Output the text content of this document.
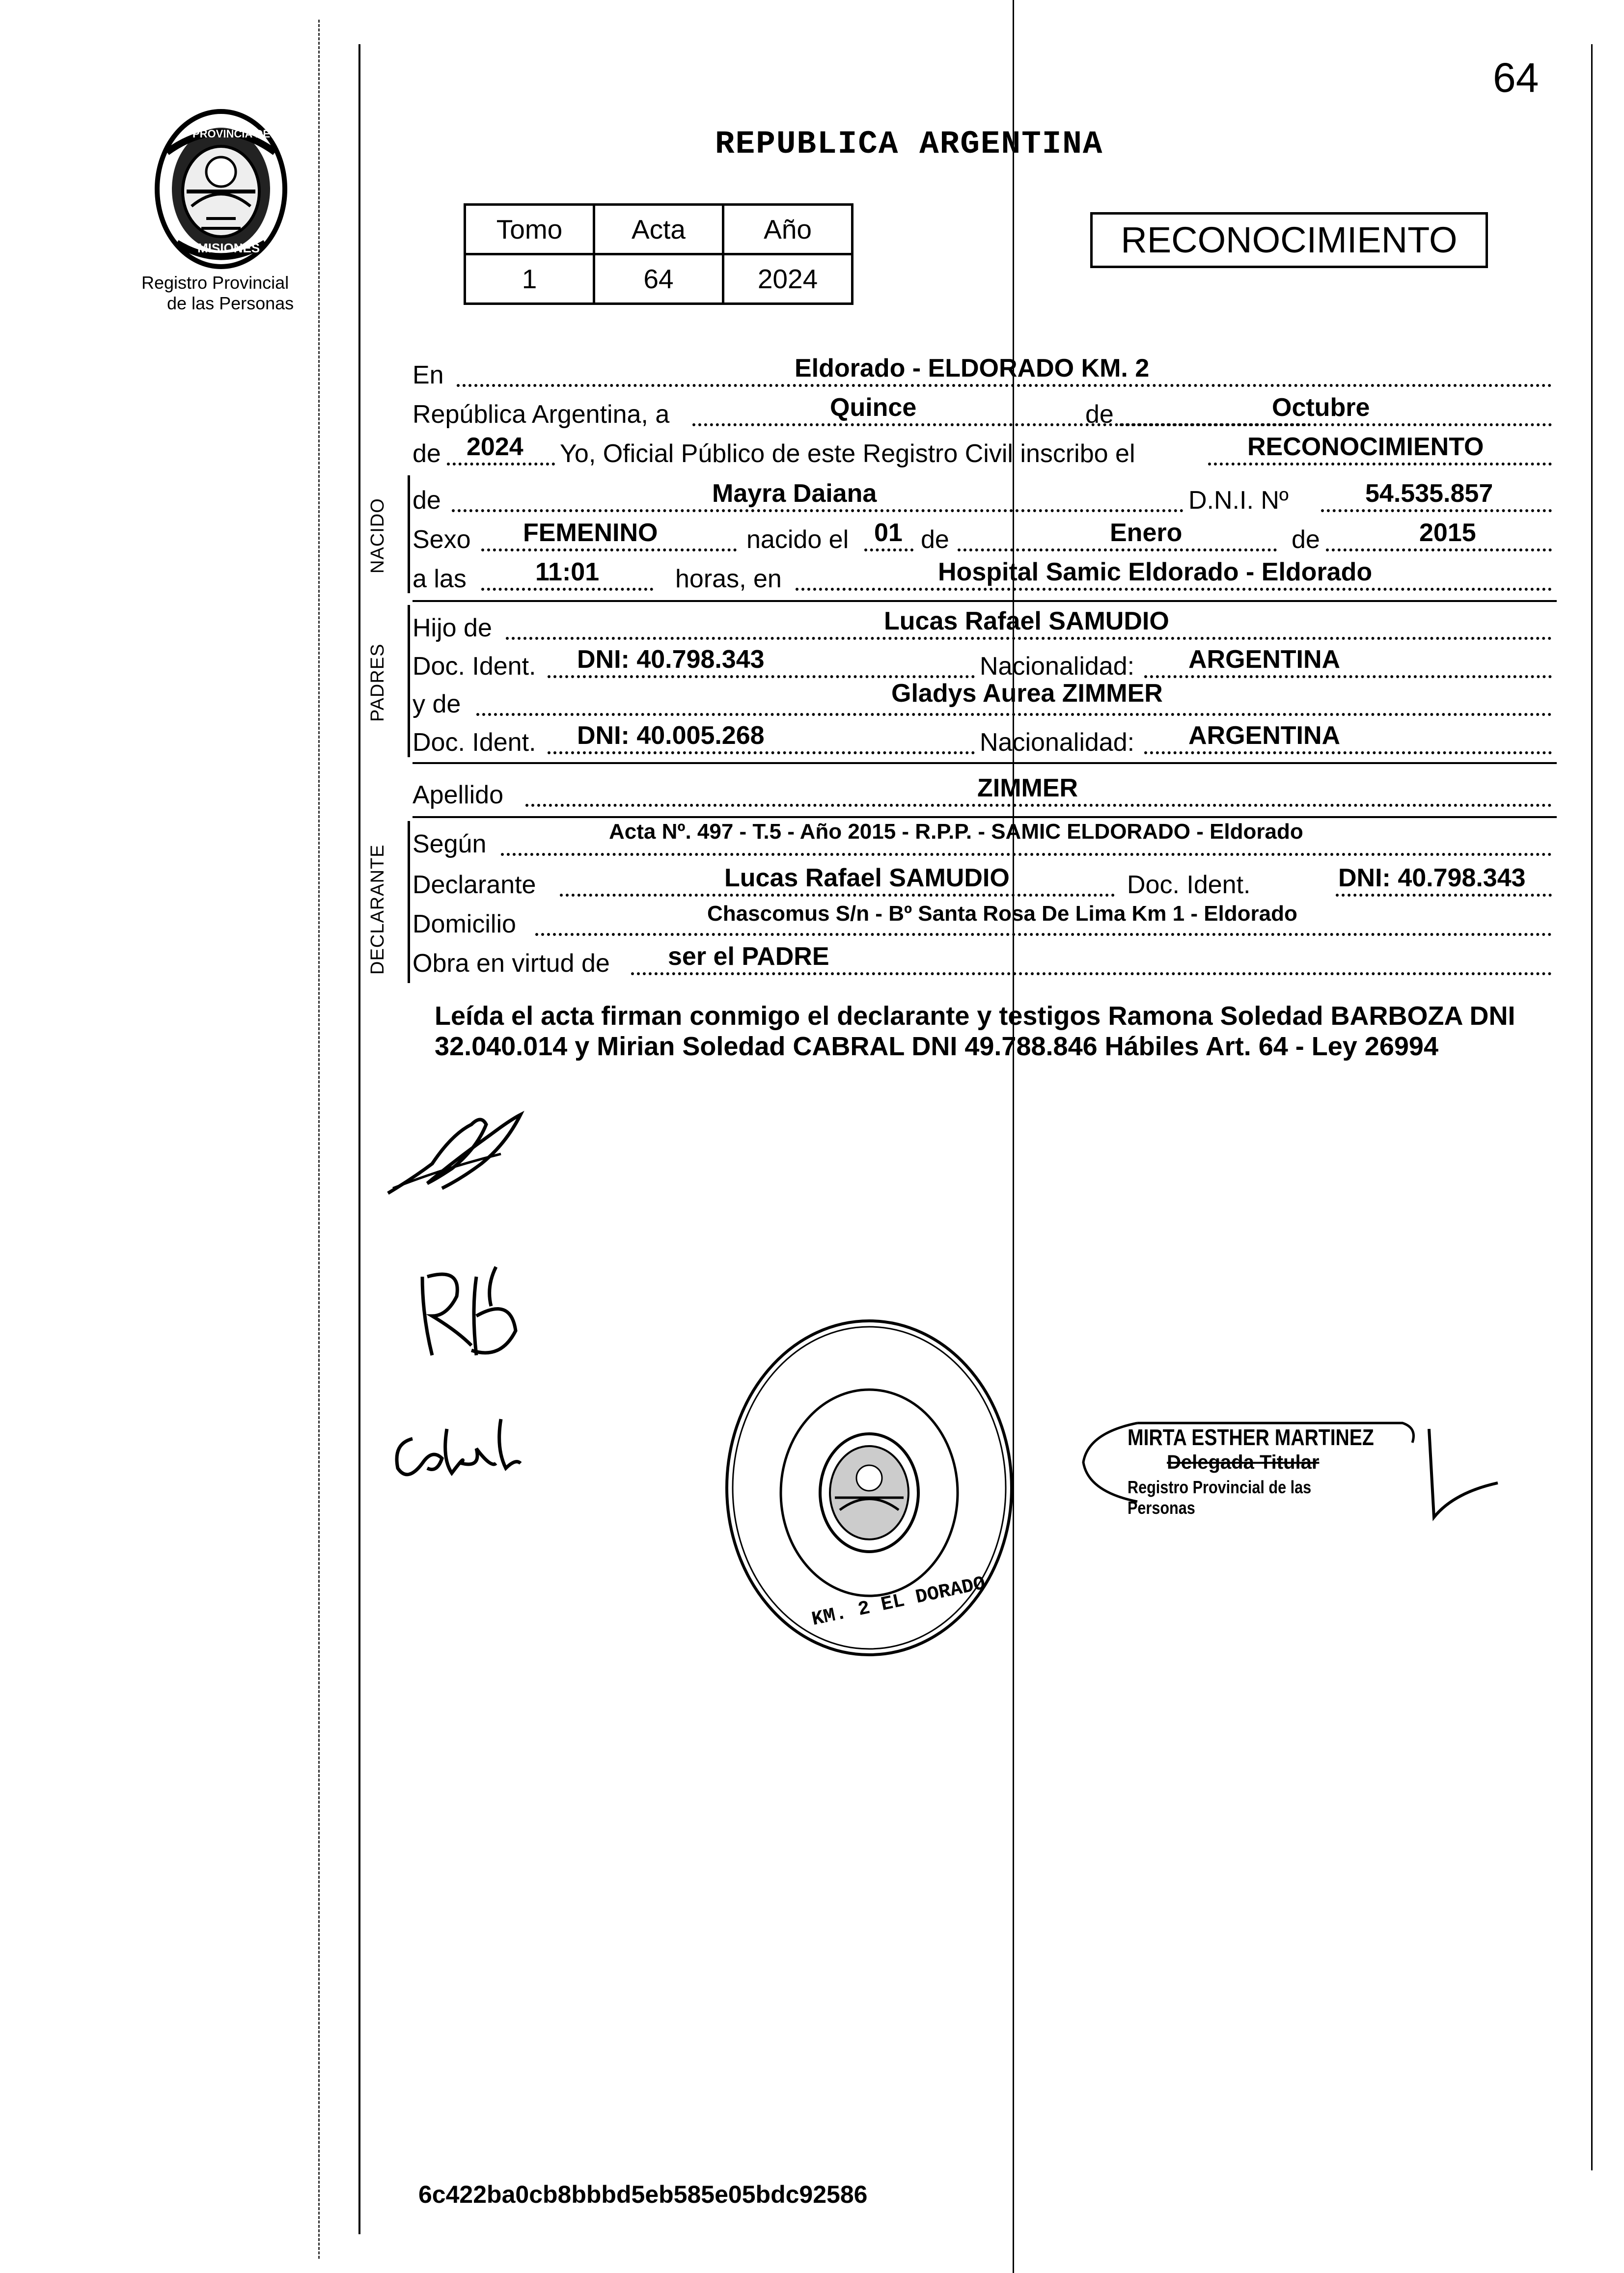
64
PROVINCIA DE
MISIONES
Registro Provincial
de las Personas
REPUBLICA ARGENTINA
Tomo	Acta	Año
1	64	2024
RECONOCIMIENTO
En	Eldorado - ELDORADO KM. 2
República Argentina, a	Quince	de	Octubre
de 2024 Yo, Oficial Público de este Registro Civil inscribo el	RECONOCIMIENTO
NACIDO de	Mayra Daiana	D.N.I. Nº	54.535.857
Sexo FEMENINO	nacido el 01 de	Enero	de	2015
a las	11:01	horas, en	Hospital Samic Eldorado - Eldorado
PADRES
Hijo de	Lucas Rafael SAMUDIO
Doc. Ident. DNI: 40.798.343	Nacionalidad: ARGENTINA
y de	Gladys Aurea ZIMMER
Doc. Ident. DNI: 40.005.268	Nacionalidad: ARGENTINA
Apellido	ZIMMER
DECLARANTE
Según	Acta Nº. 497 - T.5 - Año 2015 - R.P.P. - SAMIC ELDORADO - Eldorado
Declarante	Lucas Rafael SAMUDIO	Doc. Ident.	DNI: 40.798.343
Domicilio	Chascomus S/n - Bº Santa Rosa De Lima Km 1 - Eldorado
Obra en virtud de ser el PADRE
Leída el acta firman conmigo el declarante y testigos Ramona Soledad BARBOZA DNI 32.040.014 y Mirian Soledad CABRAL DNI 49.788.846 Hábiles Art. 64 - Ley 26994
KM. 2 EL DORADO
MIRTA ESTHER MARTINEZ
Delegada Titular
Registro Provincial de las Personas
6c422ba0cb8bbbd5eb585e05bdc92586
